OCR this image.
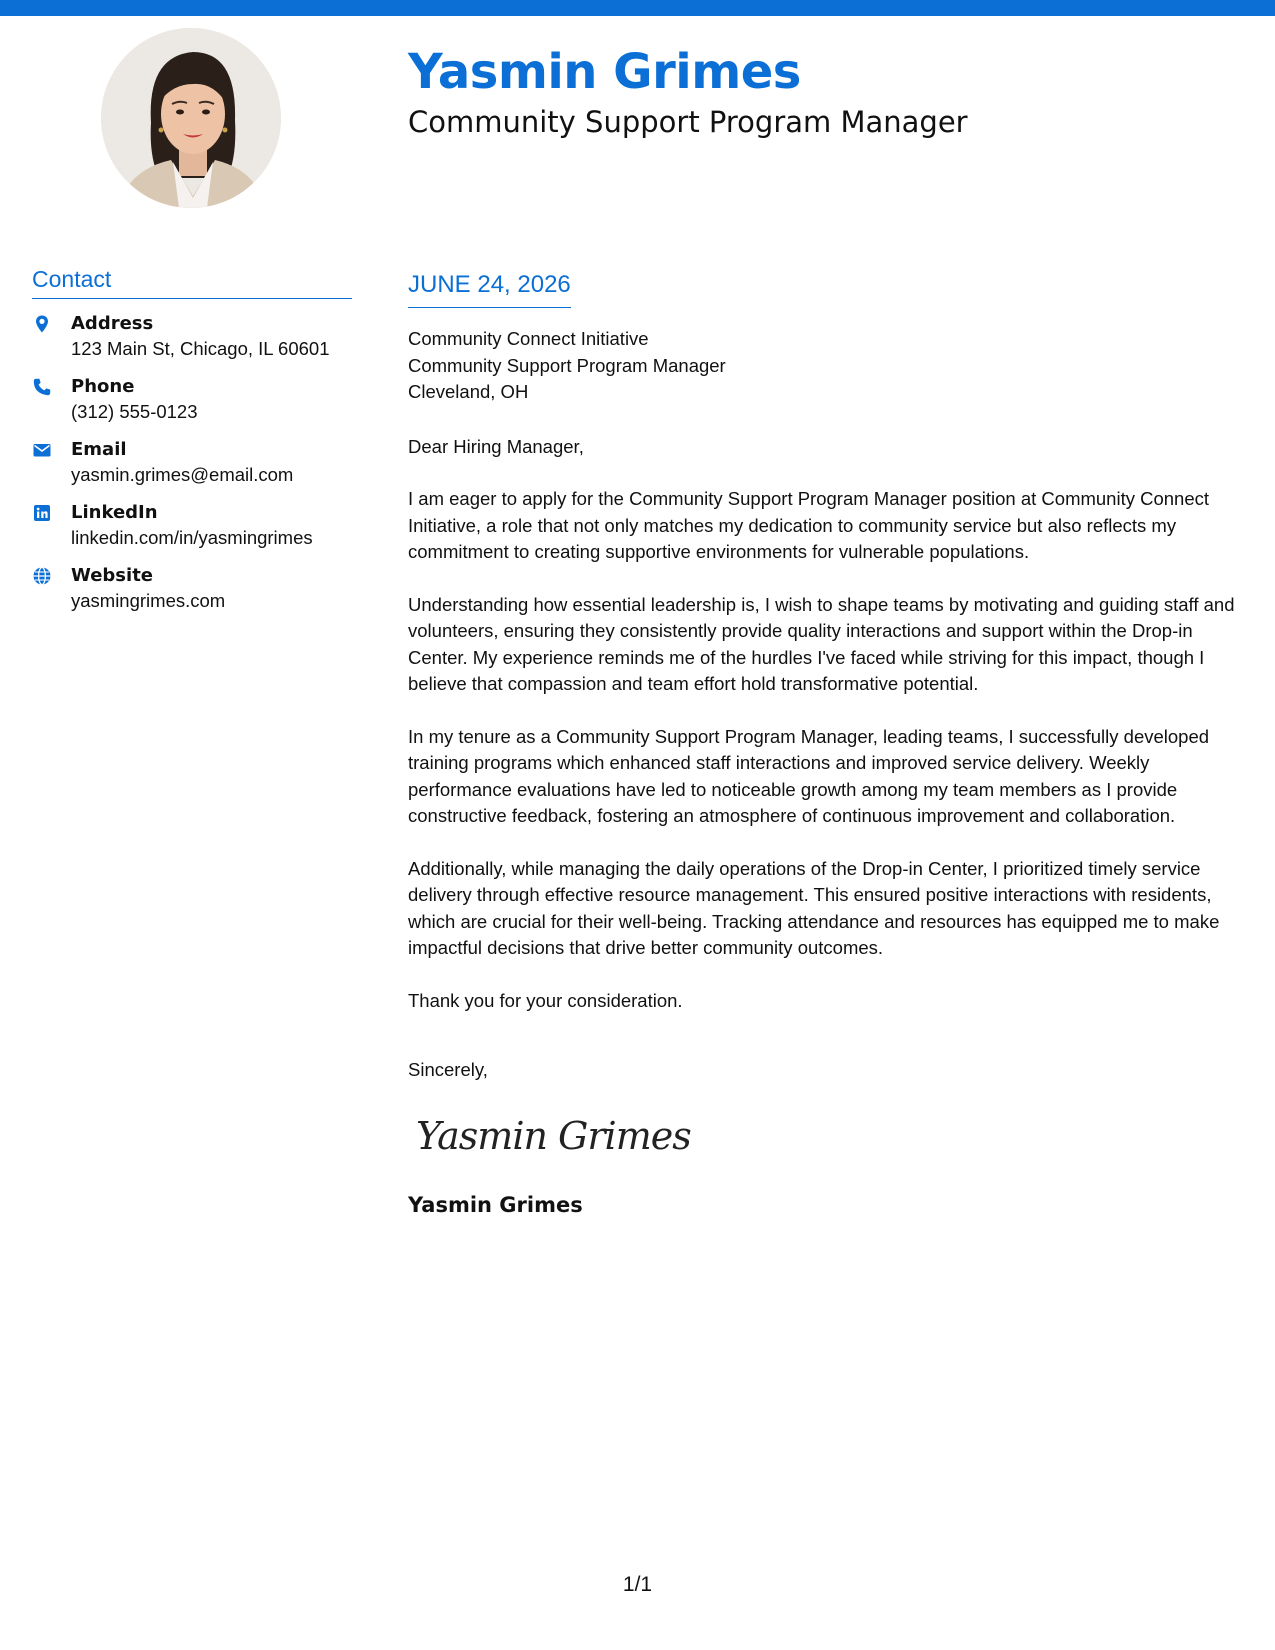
Yasmin Grimes
Community Support Program Manager
Contact
Address
123 Main St, Chicago, IL 60601
Phone
(312) 555-0123
Email
yasmin.grimes@email.com
LinkedIn
linkedin.com/in/yasmingrimes
Website
yasmingrimes.com
JUNE 24, 2026
Community Connect Initiative
Community Support Program Manager
Cleveland, OH
Dear Hiring Manager,

I am eager to apply for the Community Support Program Manager position at Community Connect Initiative, a role that not only matches my dedication to community service but also reflects my commitment to creating supportive environments for vulnerable populations.

Understanding how essential leadership is, I wish to shape teams by motivating and guiding staff and volunteers, ensuring they consistently provide quality interactions and support within the Drop-in Center. My experience reminds me of the hurdles I've faced while striving for this impact, though I believe that compassion and team effort hold transformative potential.

In my tenure as a Community Support Program Manager, leading teams, I successfully developed training programs which enhanced staff interactions and improved service delivery. Weekly performance evaluations have led to noticeable growth among my team members as I provide constructive feedback, fostering an atmosphere of continuous improvement and collaboration.

Additionally, while managing the daily operations of the Drop-in Center, I prioritized timely service delivery through effective resource management. This ensured positive interactions with residents, which are crucial for their well-being. Tracking attendance and resources has equipped me to make impactful decisions that drive better community outcomes.

Thank you for your consideration.
Sincerely,
Yasmin Grimes
Yasmin Grimes
1/1
